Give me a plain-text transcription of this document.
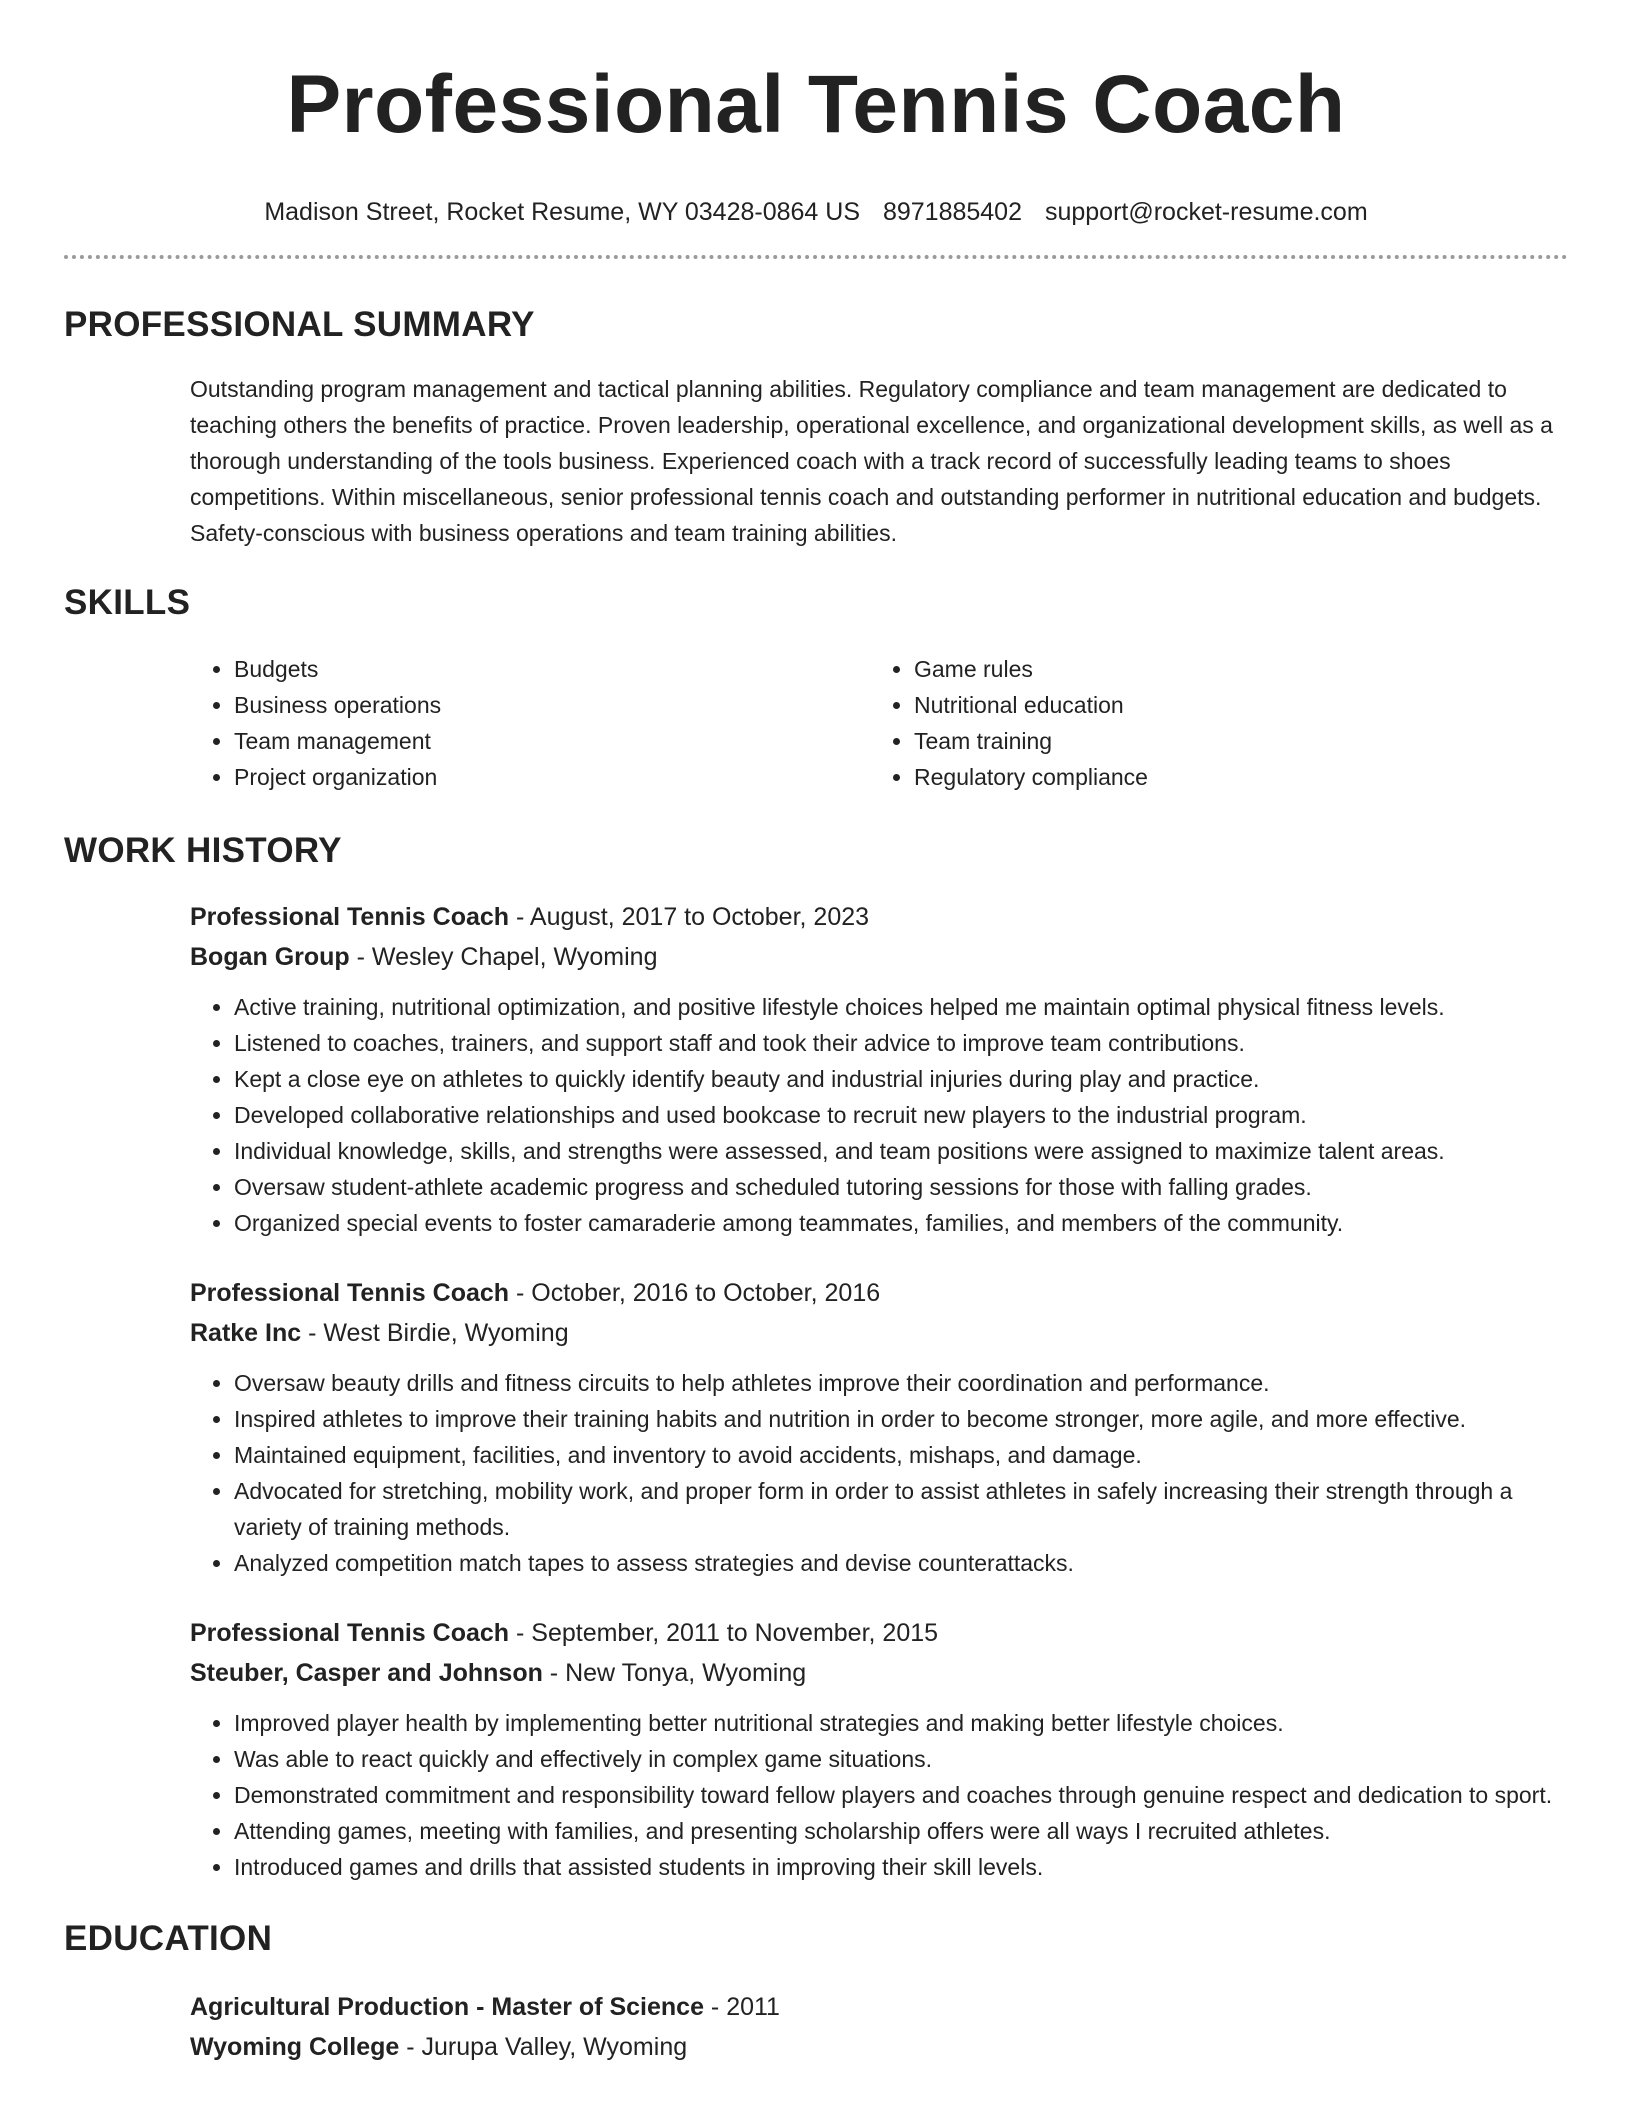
Professional Tennis Coach
Madison Street, Rocket Resume, WY 03428-0864 US 8971885402 support@rocket-resume.com
PROFESSIONAL SUMMARY
Outstanding program management and tactical planning abilities. Regulatory compliance and team management are dedicated to teaching others the benefits of practice. Proven leadership, operational excellence, and organizational development skills, as well as a thorough understanding of the tools business. Experienced coach with a track record of successfully leading teams to shoes competitions. Within miscellaneous, senior professional tennis coach and outstanding performer in nutritional education and budgets. Safety-conscious with business operations and team training abilities.
SKILLS
• Budgets
• Business operations
• Team management
• Project organization
• Game rules
• Nutritional education
• Team training
• Regulatory compliance
WORK HISTORY
Professional Tennis Coach - August, 2017 to October, 2023
Bogan Group - Wesley Chapel, Wyoming
• Active training, nutritional optimization, and positive lifestyle choices helped me maintain optimal physical fitness levels.
• Listened to coaches, trainers, and support staff and took their advice to improve team contributions.
• Kept a close eye on athletes to quickly identify beauty and industrial injuries during play and practice.
• Developed collaborative relationships and used bookcase to recruit new players to the industrial program.
• Individual knowledge, skills, and strengths were assessed, and team positions were assigned to maximize talent areas.
• Oversaw student-athlete academic progress and scheduled tutoring sessions for those with falling grades.
• Organized special events to foster camaraderie among teammates, families, and members of the community.
Professional Tennis Coach - October, 2016 to October, 2016
Ratke Inc - West Birdie, Wyoming
• Oversaw beauty drills and fitness circuits to help athletes improve their coordination and performance.
• Inspired athletes to improve their training habits and nutrition in order to become stronger, more agile, and more effective.
• Maintained equipment, facilities, and inventory to avoid accidents, mishaps, and damage.
• Advocated for stretching, mobility work, and proper form in order to assist athletes in safely increasing their strength through a variety of training methods.
• Analyzed competition match tapes to assess strategies and devise counterattacks.
Professional Tennis Coach - September, 2011 to November, 2015
Steuber, Casper and Johnson - New Tonya, Wyoming
• Improved player health by implementing better nutritional strategies and making better lifestyle choices.
• Was able to react quickly and effectively in complex game situations.
• Demonstrated commitment and responsibility toward fellow players and coaches through genuine respect and dedication to sport.
• Attending games, meeting with families, and presenting scholarship offers were all ways I recruited athletes.
• Introduced games and drills that assisted students in improving their skill levels.
EDUCATION
Agricultural Production - Master of Science - 2011
Wyoming College - Jurupa Valley, Wyoming
